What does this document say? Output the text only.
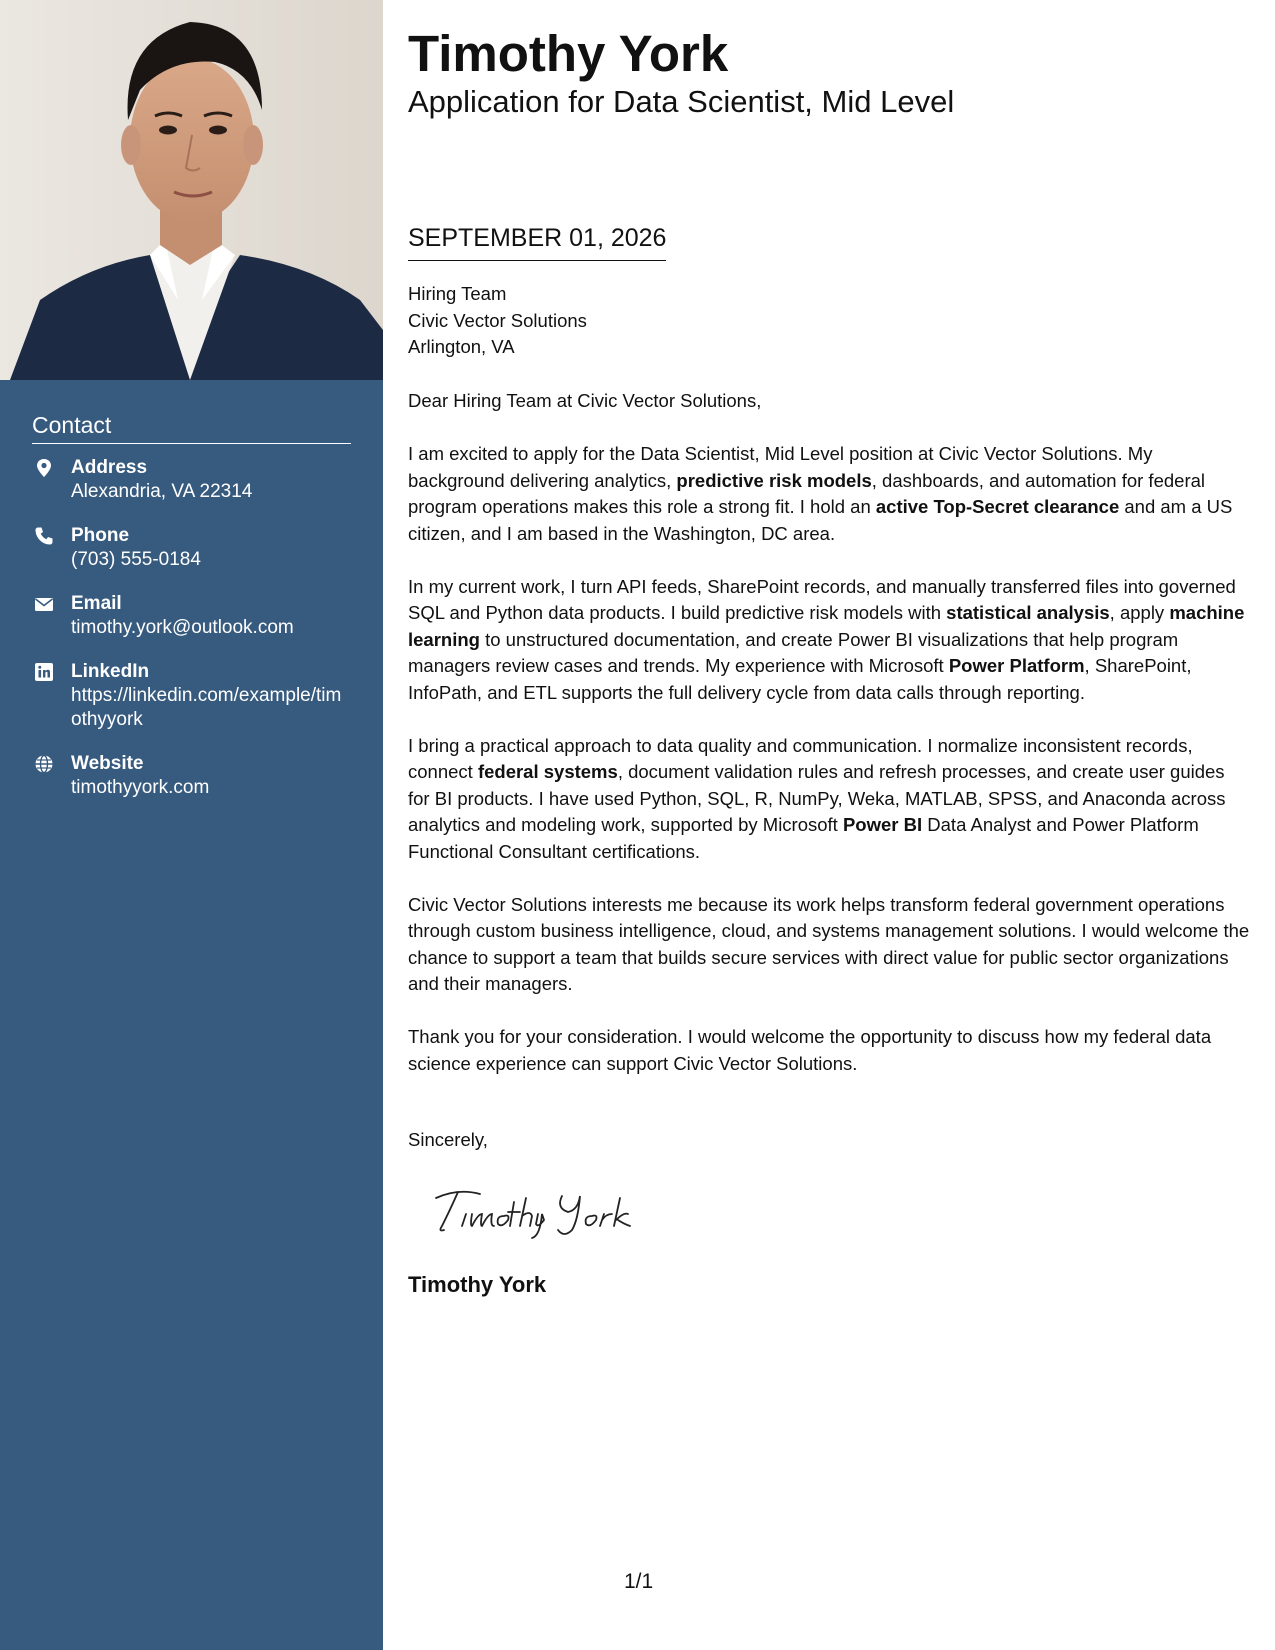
Contact
Address
Alexandria, VA 22314
Phone
(703) 555-0184
Email
timothy.york@outlook.com
LinkedIn
https://linkedin.com/example/timothyyork
Website
timothyyork.com
Timothy York
Application for Data Scientist, Mid Level
SEPTEMBER 01, 2026
Hiring Team
Civic Vector Solutions
Arlington, VA

Dear Hiring Team at Civic Vector Solutions,

I am excited to apply for the Data Scientist, Mid Level position at Civic Vector Solutions. My background delivering analytics, predictive risk models, dashboards, and automation for federal program operations makes this role a strong fit. I hold an active Top-Secret clearance and am a US citizen, and I am based in the Washington, DC area.

In my current work, I turn API feeds, SharePoint records, and manually transferred files into governed SQL and Python data products. I build predictive risk models with statistical analysis, apply machine learning to unstructured documentation, and create Power BI visualizations that help program managers review cases and trends. My experience with Microsoft Power Platform, SharePoint, InfoPath, and ETL supports the full delivery cycle from data calls through reporting.

I bring a practical approach to data quality and communication. I normalize inconsistent records, connect federal systems, document validation rules and refresh processes, and create user guides for BI products. I have used Python, SQL, R, NumPy, Weka, MATLAB, SPSS, and Anaconda across analytics and modeling work, supported by Microsoft Power BI Data Analyst and Power Platform Functional Consultant certifications.

Civic Vector Solutions interests me because its work helps transform federal government operations through custom business intelligence, cloud, and systems management solutions. I would welcome the chance to support a team that builds secure services with direct value for public sector organizations and their managers.

Thank you for your consideration. I would welcome the opportunity to discuss how my federal data science experience can support Civic Vector Solutions.

Sincerely,
Timothy York
1/1
